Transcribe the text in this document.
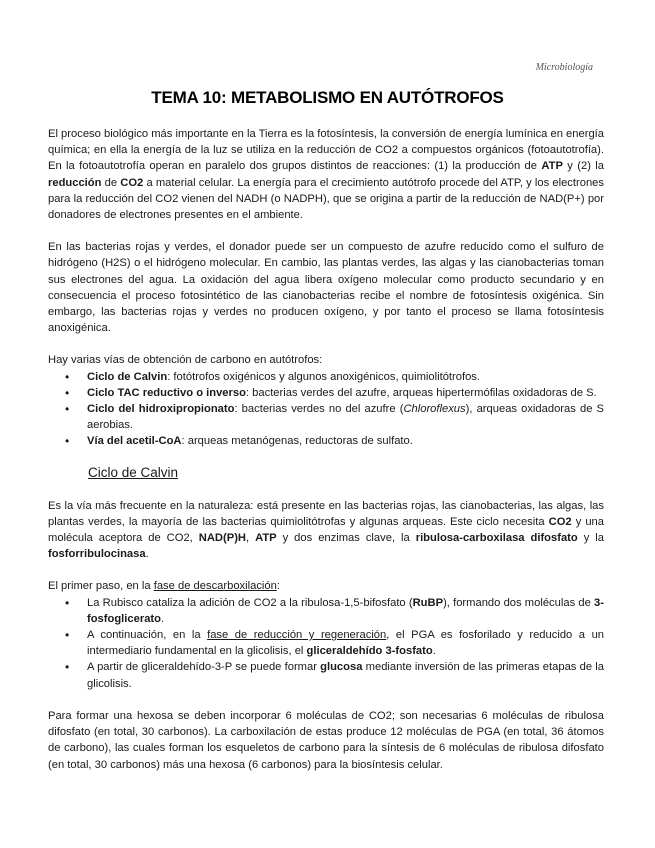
Microbiología
TEMA 10: METABOLISMO EN AUTÓTROFOS

El proceso biológico más importante en la Tierra es la fotosíntesis, la conversión de energía lumínica en energía química; en ella la energía de la luz se utiliza en la reducción de CO2 a compuestos orgánicos (fotoautotrofía). En la fotoautotrofía operan en paralelo dos grupos distintos de reacciones: (1) la producción de ATP y (2) la reducción de CO2 a material celular. La energía para el crecimiento autótrofo procede del ATP, y los electrones para la reducción del CO2 vienen del NADH (o NADPH), que se origina a partir de la reducción de NAD(P+) por donadores de electrones presentes en el ambiente.

En las bacterias rojas y verdes, el donador puede ser un compuesto de azufre reducido como el sulfuro de hidrógeno (H2S) o el hidrógeno molecular. En cambio, las plantas verdes, las algas y las cianobacterias toman sus electrones del agua. La oxidación del agua libera oxígeno molecular como producto secundario y en consecuencia el proceso fotosintético de las cianobacterias recibe el nombre de fotosíntesis oxigénica. Sin embargo, las bacterias rojas y verdes no producen oxígeno, y por tanto el proceso se llama fotosíntesis anoxigénica.

Hay varias vías de obtención de carbono en autótrofos:

• Ciclo de Calvin: fotótrofos oxigénicos y algunos anoxigénicos, quimiolitótrofos.
• Ciclo TAC reductivo o inverso: bacterias verdes del azufre, arqueas hipertermófilas oxidadoras de S.
• Ciclo del hidroxipropionato: bacterias verdes no del azufre (Chloroflexus), arqueas oxidadoras de S aerobias.
• Vía del acetil-CoA: arqueas metanógenas, reductoras de sulfato.
Ciclo de Calvin

Es la vía más frecuente en la naturaleza: está presente en las bacterias rojas, las cianobacterias, las algas, las plantas verdes, la mayoría de las bacterias quimiolitótrofas y algunas arqueas. Este ciclo necesita CO2 y una molécula aceptora de CO2, NAD(P)H, ATP y dos enzimas clave, la ribulosa-carboxilasa difosfato y la fosforribulocinasa.

El primer paso, en la fase de descarboxilación:

• La Rubisco cataliza la adición de CO2 a la ribulosa-1,5-bifosfato (RuBP), formando dos moléculas de 3-fosfoglicerato.
• A continuación, en la fase de reducción y regeneración, el PGA es fosforilado y reducido a un intermediario fundamental en la glicolisis, el gliceraldehído 3-fosfato.
• A partir de gliceraldehído-3-P se puede formar glucosa mediante inversión de las primeras etapas de la glicolisis.

Para formar una hexosa se deben incorporar 6 moléculas de CO2; son necesarias 6 moléculas de ribulosa difosfato (en total, 30 carbonos). La carboxilación de estas produce 12 moléculas de PGA (en total, 36 átomos de carbono), las cuales forman los esqueletos de carbono para la síntesis de 6 moléculas de ribulosa difosfato (en total, 30 carbonos) más una hexosa (6 carbonos) para la biosíntesis celular.
